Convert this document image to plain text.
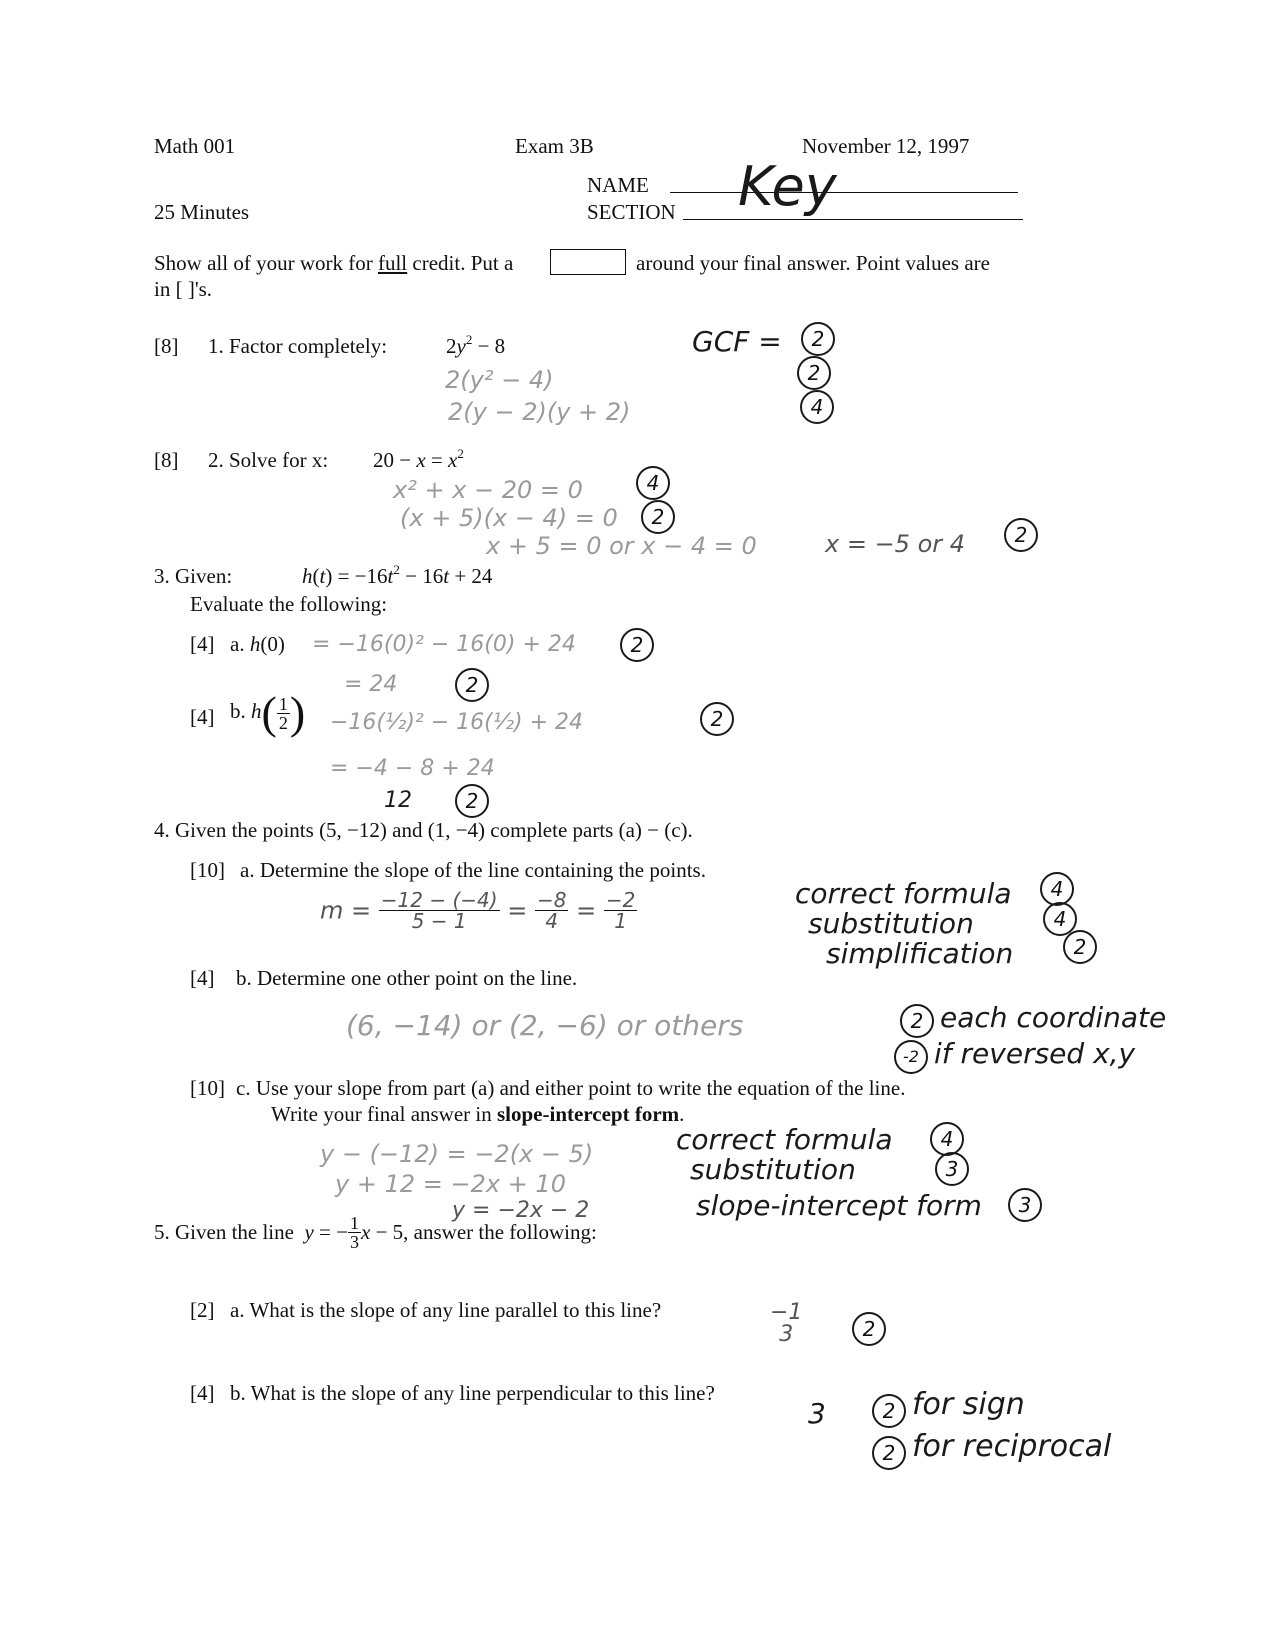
Math 001	Exam 3B	November 12, 1997
25 Minutes
NAME
SECTION Key
Show all of your work for full credit. Put a	around your final answer. Point values are
in [ ]'s.
[8] 1. Factor completely:	$2y^2 - 8$
2(y² − 4)
2(y − 2)(y + 2)
GCF =	2
2
4
[8] 2. Solve for x: $20 - x = x^2$
x² + x − 20 = 0
(x + 5)(x − 4) = 0
x + 5 = 0 or x − 4 = 0
4
2
x = −5 or 4	2
3. Given:	$h(t) = -16t^2 - 16t + 24$
Evaluate the following:
[4] a. h(0) = −16(0)² − 16(0) + 24	2
= 24	2
[4] b. $h( \frac{1}{2}$ ) −16(½)² − 16(½) + 24	2
= −4 − 8 + 24
12	2
4. Given the points (5, −12) and (1, −4) complete parts (a) − (c).
[10] a. Determine the slope of the line containing the points.
$m = \frac{-12 - (-4)}{5 - 1} = \frac{-8}{4} = \frac{-2}{1}$	correct formula
substitution
simplification
4
4
2
[4] b. Determine one other point on the line.
(6, −14) or (2, −6) or others	2 each coordinate
-2 if reversed x,y
[10] c. Use your slope from part (a) and either point to write the equation of the line.
Write your final answer in slope-intercept form.
y − (−12) = −2(x − 5)
y + 12 = −2x + 10
y = −2x − 2
correct formula
substitution
slope-intercept form
4
3
3
5. Given the line y = − $\frac{1}{3}$ x − 5, answer the following:
[2] a. What is the slope of any line parallel to this line?	−1
3	2
[4] b. What is the slope of any line perpendicular to this line?
3	2 for sign
2 for reciprocal
